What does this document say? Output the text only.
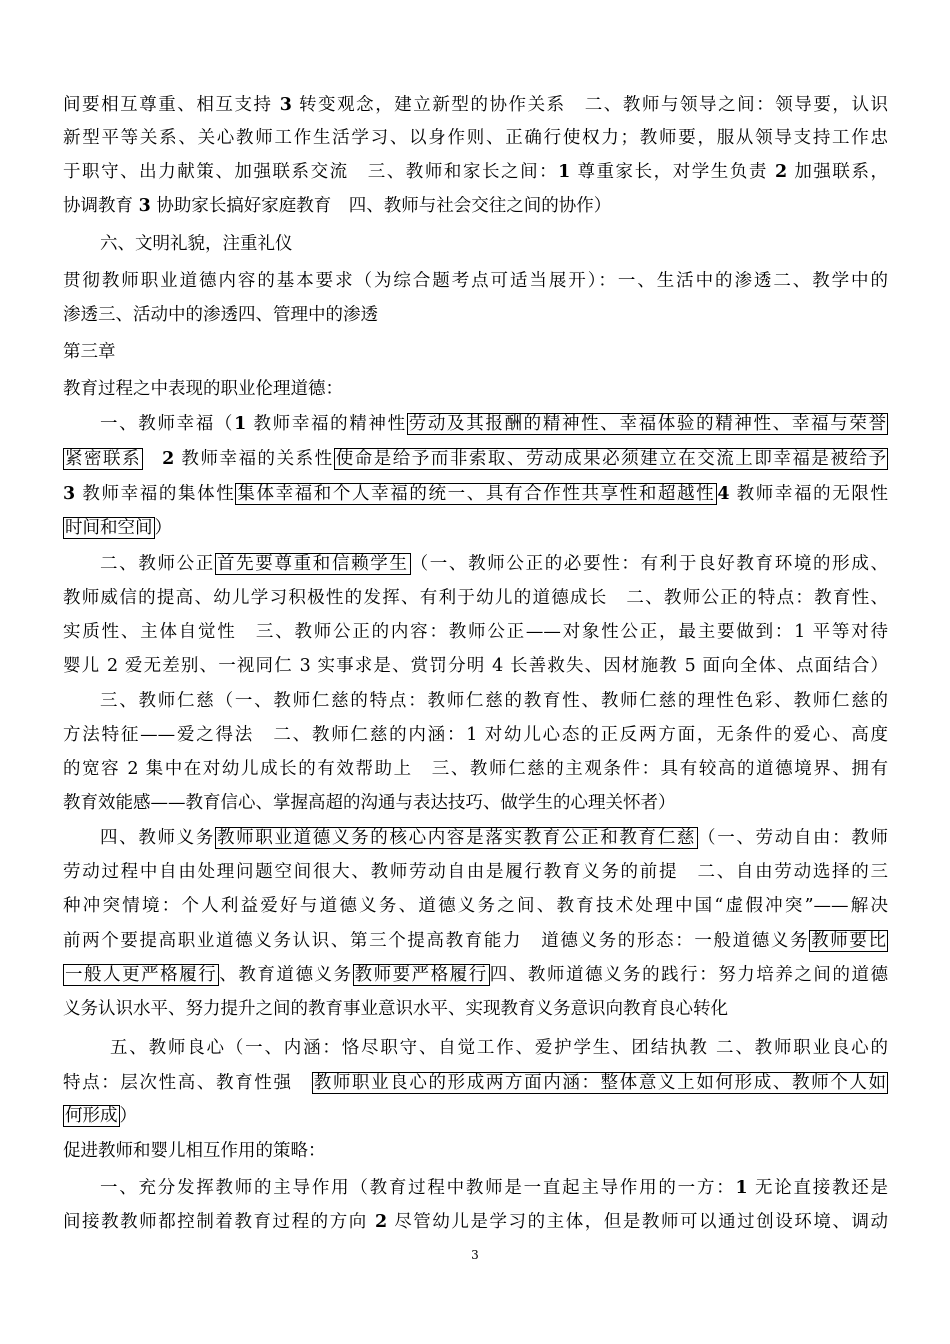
3
间要相互尊重、相互支持 3 转变观念，建立新型的协作关系　二、教师与领导之间：领导要，认识
新型平等关系、关心教师工作生活学习、以身作则、正确行使权力；教师要，服从领导支持工作忠
于职守、出力献策、加强联系交流　三、教师和家长之间：1 尊重家长，对学生负责 2 加强联系，
协调教育 3 协助家长搞好家庭教育　四、教师与社会交往之间的协作）
六、文明礼貌，注重礼仪
贯彻教师职业道德内容的基本要求（为综合题考点可适当展开）：一、生活中的渗透二、教学中的
渗透三、活动中的渗透四、管理中的渗透
第三章
教育过程之中表现的职业伦理道德：
一、教师幸福（1 教师幸福的精神性 劳动及其报酬的精神性、幸福体验的精神性、幸福与荣誉
紧密联系　 2 教师幸福的关系性 使命是给予而非索取、劳动成果必须建立在交流上即幸福是被给予
3 教师幸福的集体性 集体幸福和个人幸福的统一、具有合作性共享性和超越性 4 教师幸福的无限性
时间和空间 ）
二、教师公正 首先要尊重和信赖学生 （一、教师公正的必要性：有利于良好教育环境的形成、
教师威信的提高、幼儿学习积极性的发挥、有利于幼儿的道德成长　二、教师公正的特点：教育性、
实质性、主体自觉性　三、教师公正的内容：教师公正——对象性公正，最主要做到：1 平等对待
婴儿 2 爱无差别、一视同仁 3 实事求是、赏罚分明 4 长善救失、因材施教 5 面向全体、点面结合）
三、教师仁慈（一、教师仁慈的特点：教师仁慈的教育性、教师仁慈的理性色彩、教师仁慈的
方法特征——爱之得法　二、教师仁慈的内涵：1 对幼儿心态的正反两方面，无条件的爱心、高度
的宽容 2 集中在对幼儿成长的有效帮助上　三、教师仁慈的主观条件：具有较高的道德境界、拥有
教育效能感——教育信心、掌握高超的沟通与表达技巧、做学生的心理关怀者）
四、教师义务 教师职业道德义务的核心内容是落实教育公正和教育仁慈 （一、劳动自由：教师
劳动过程中自由处理问题空间很大、教师劳动自由是履行教育义务的前提　二、自由劳动选择的三
种冲突情境：个人利益爱好与道德义务、道德义务之间、教育技术处理中国“虚假冲突”——解决
前两个要提高职业道德义务认识、第三个提高教育能力　道德义务的形态：一般道德义务 教师要比
一般人更严格履行 、教育道德义务 教师要严格履行 四、教师道德义务的践行：努力培养之间的道德
义务认识水平、努力提升之间的教育事业意识水平、实现教育义务意识向教育良心转化
五、教师良心（一、内涵：恪尽职守、自觉工作、爱护学生、团结执教 二、教师职业良心的
特点：层次性高、教育性强　教师职业良心的形成两方面内涵：整体意义上如何形成、教师个人如
何形成 ）
促进教师和婴儿相互作用的策略：
一、充分发挥教师的主导作用（教育过程中教师是一直起主导作用的一方：1 无论直接教还是
间接教教师都控制着教育过程的方向 2 尽管幼儿是学习的主体，但是教师可以通过创设环境、调动
